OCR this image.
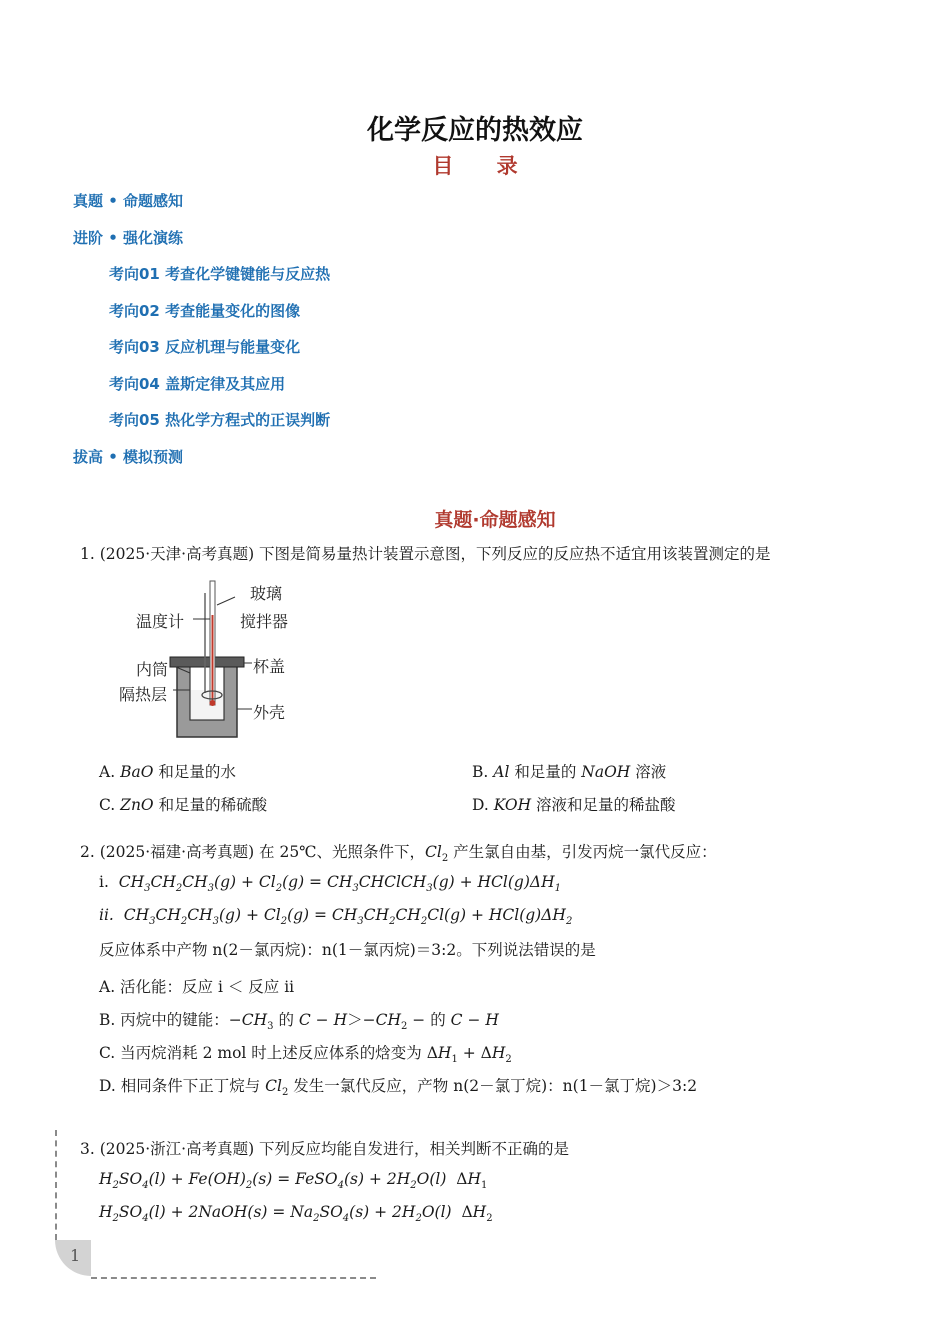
化学反应的热效应
目 录
真题 • 命题感知
进阶 • 强化演练
考向01 考查化学键键能与反应热
考向02 考查能量变化的图像
考向03 反应机理与能量变化
考向04 盖斯定律及其应用
考向05 热化学方程式的正误判断
拔高 • 模拟预测
真题·命题感知
1. (2025·天津·高考真题) 下图是简易量热计装置示意图，下列反应的反应热不适宜用该装置测定的是
温度计
玻璃
搅拌器
内筒
隔热层
杯盖
外壳
A. BaO 和足量的水	B. Al 和足量的 NaOH 溶液
C. ZnO 和足量的稀硫酸	D. KOH 溶液和足量的稀盐酸
2. (2025·福建·高考真题) 在 25℃、光照条件下，$Cl_2$ 产生氯自由基，引发丙烷一氯代反应：
i. $CH_3CH_2CH_3(g) + Cl_2(g)$ = $CH_3CHClCH_3(g) + HCl(g)\Delta H_1$
ii. $CH_3CH_2CH_3(g) + Cl_2(g) = CH_3CH_2CH_2Cl(g) + HCl(g)\Delta H_2$
反应体系中产物 n(2－氯丙烷)：n(1－氯丙烷)＝3:2。下列说法错误的是
A. 活化能：反应 i ＜ 反应 ii
B. 丙烷中的键能：$-CH_3$ 的 $C - H>-CH_2$ − 的 C − H
C. 当丙烷消耗 2 mol 时上述反应体系的焓变为 $\Delta H_1 + \Delta H_2$
D. 相同条件下正丁烷与 $Cl_2$ 发生一氯代反应，产物 n(2－氯丁烷)：n(1－氯丁烷)＞3:2
3. (2025·浙江·高考真题) 下列反应均能自发进行，相关判断不正确的是
$H_2SO_4(l) + Fe(OH)_2(s)$ = FeSO$_4$(s) + $2H_2O(l)$  $\Delta H_1$
$H_2SO_4(l)$ + 2NaOH(s) = $Na_2SO_4(s) + 2H_2O(l)$  $\Delta H_2$
1
